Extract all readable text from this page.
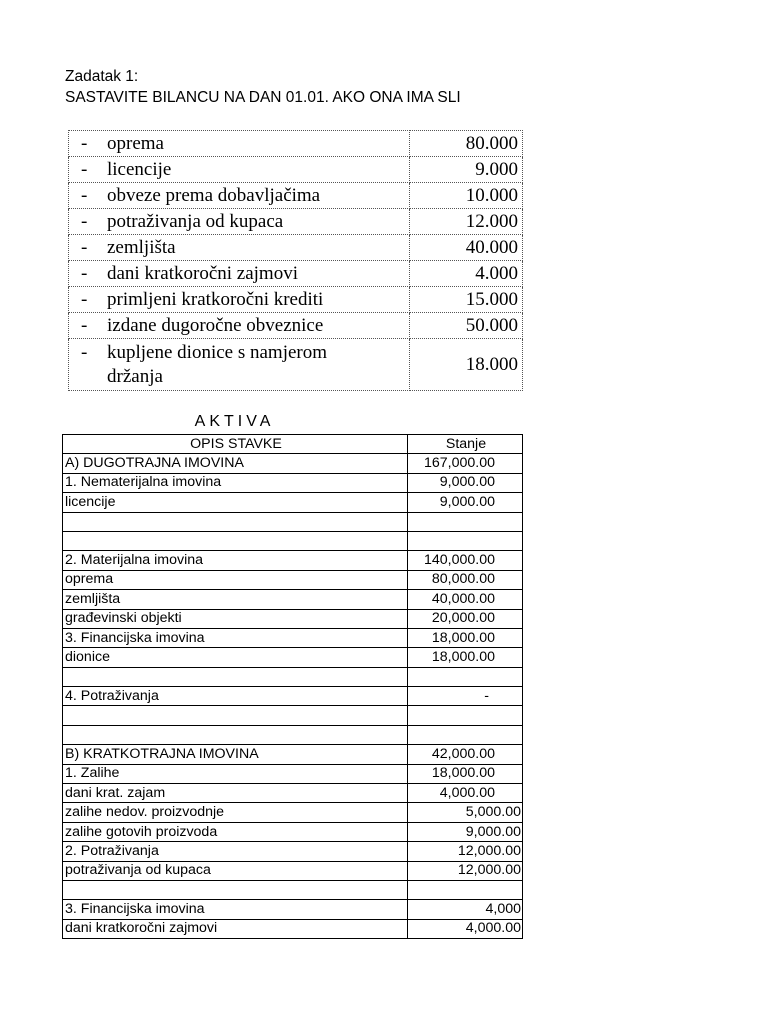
Zadatak 1:
SASTAVITE BILANCU NA DAN 01.01. AKO ONA IMA SLI
- oprema	80.000
- licencije	9.000
- obveze prema dobavljačima	10.000
- potraživanja od kupaca	12.000
- zemljišta	40.000
- dani kratkoročni zajmovi	4.000
- primljeni kratkoročni krediti	15.000
- izdane dugoročne obveznice	50.000
- kupljene dionice s namjerom
držanja	18.000
AKTIVA
OPIS STAVKE	Stanje
A) DUGOTRAJNA IMOVINA	167,000.00
1. Nematerijalna imovina	9,000.00
licencije	9,000.00

2. Materijalna imovina	140,000.00
oprema	80,000.00
zemljišta	40,000.00
građevinski objekti	20,000.00
3. Financijska imovina	18,000.00
dionice	18,000.00

4. Potraživanja	-

B) KRATKOTRAJNA IMOVINA	42,000.00
1. Zalihe	18,000.00
dani krat. zajam	4,000.00
zalihe nedov. proizvodnje	5,000.00
zalihe gotovih proizvoda	9,000.00
2. Potraživanja	12,000.00
potraživanja od kupaca	12,000.00

3. Financijska imovina	4,000
dani kratkoročni zajmovi	4,000.00
